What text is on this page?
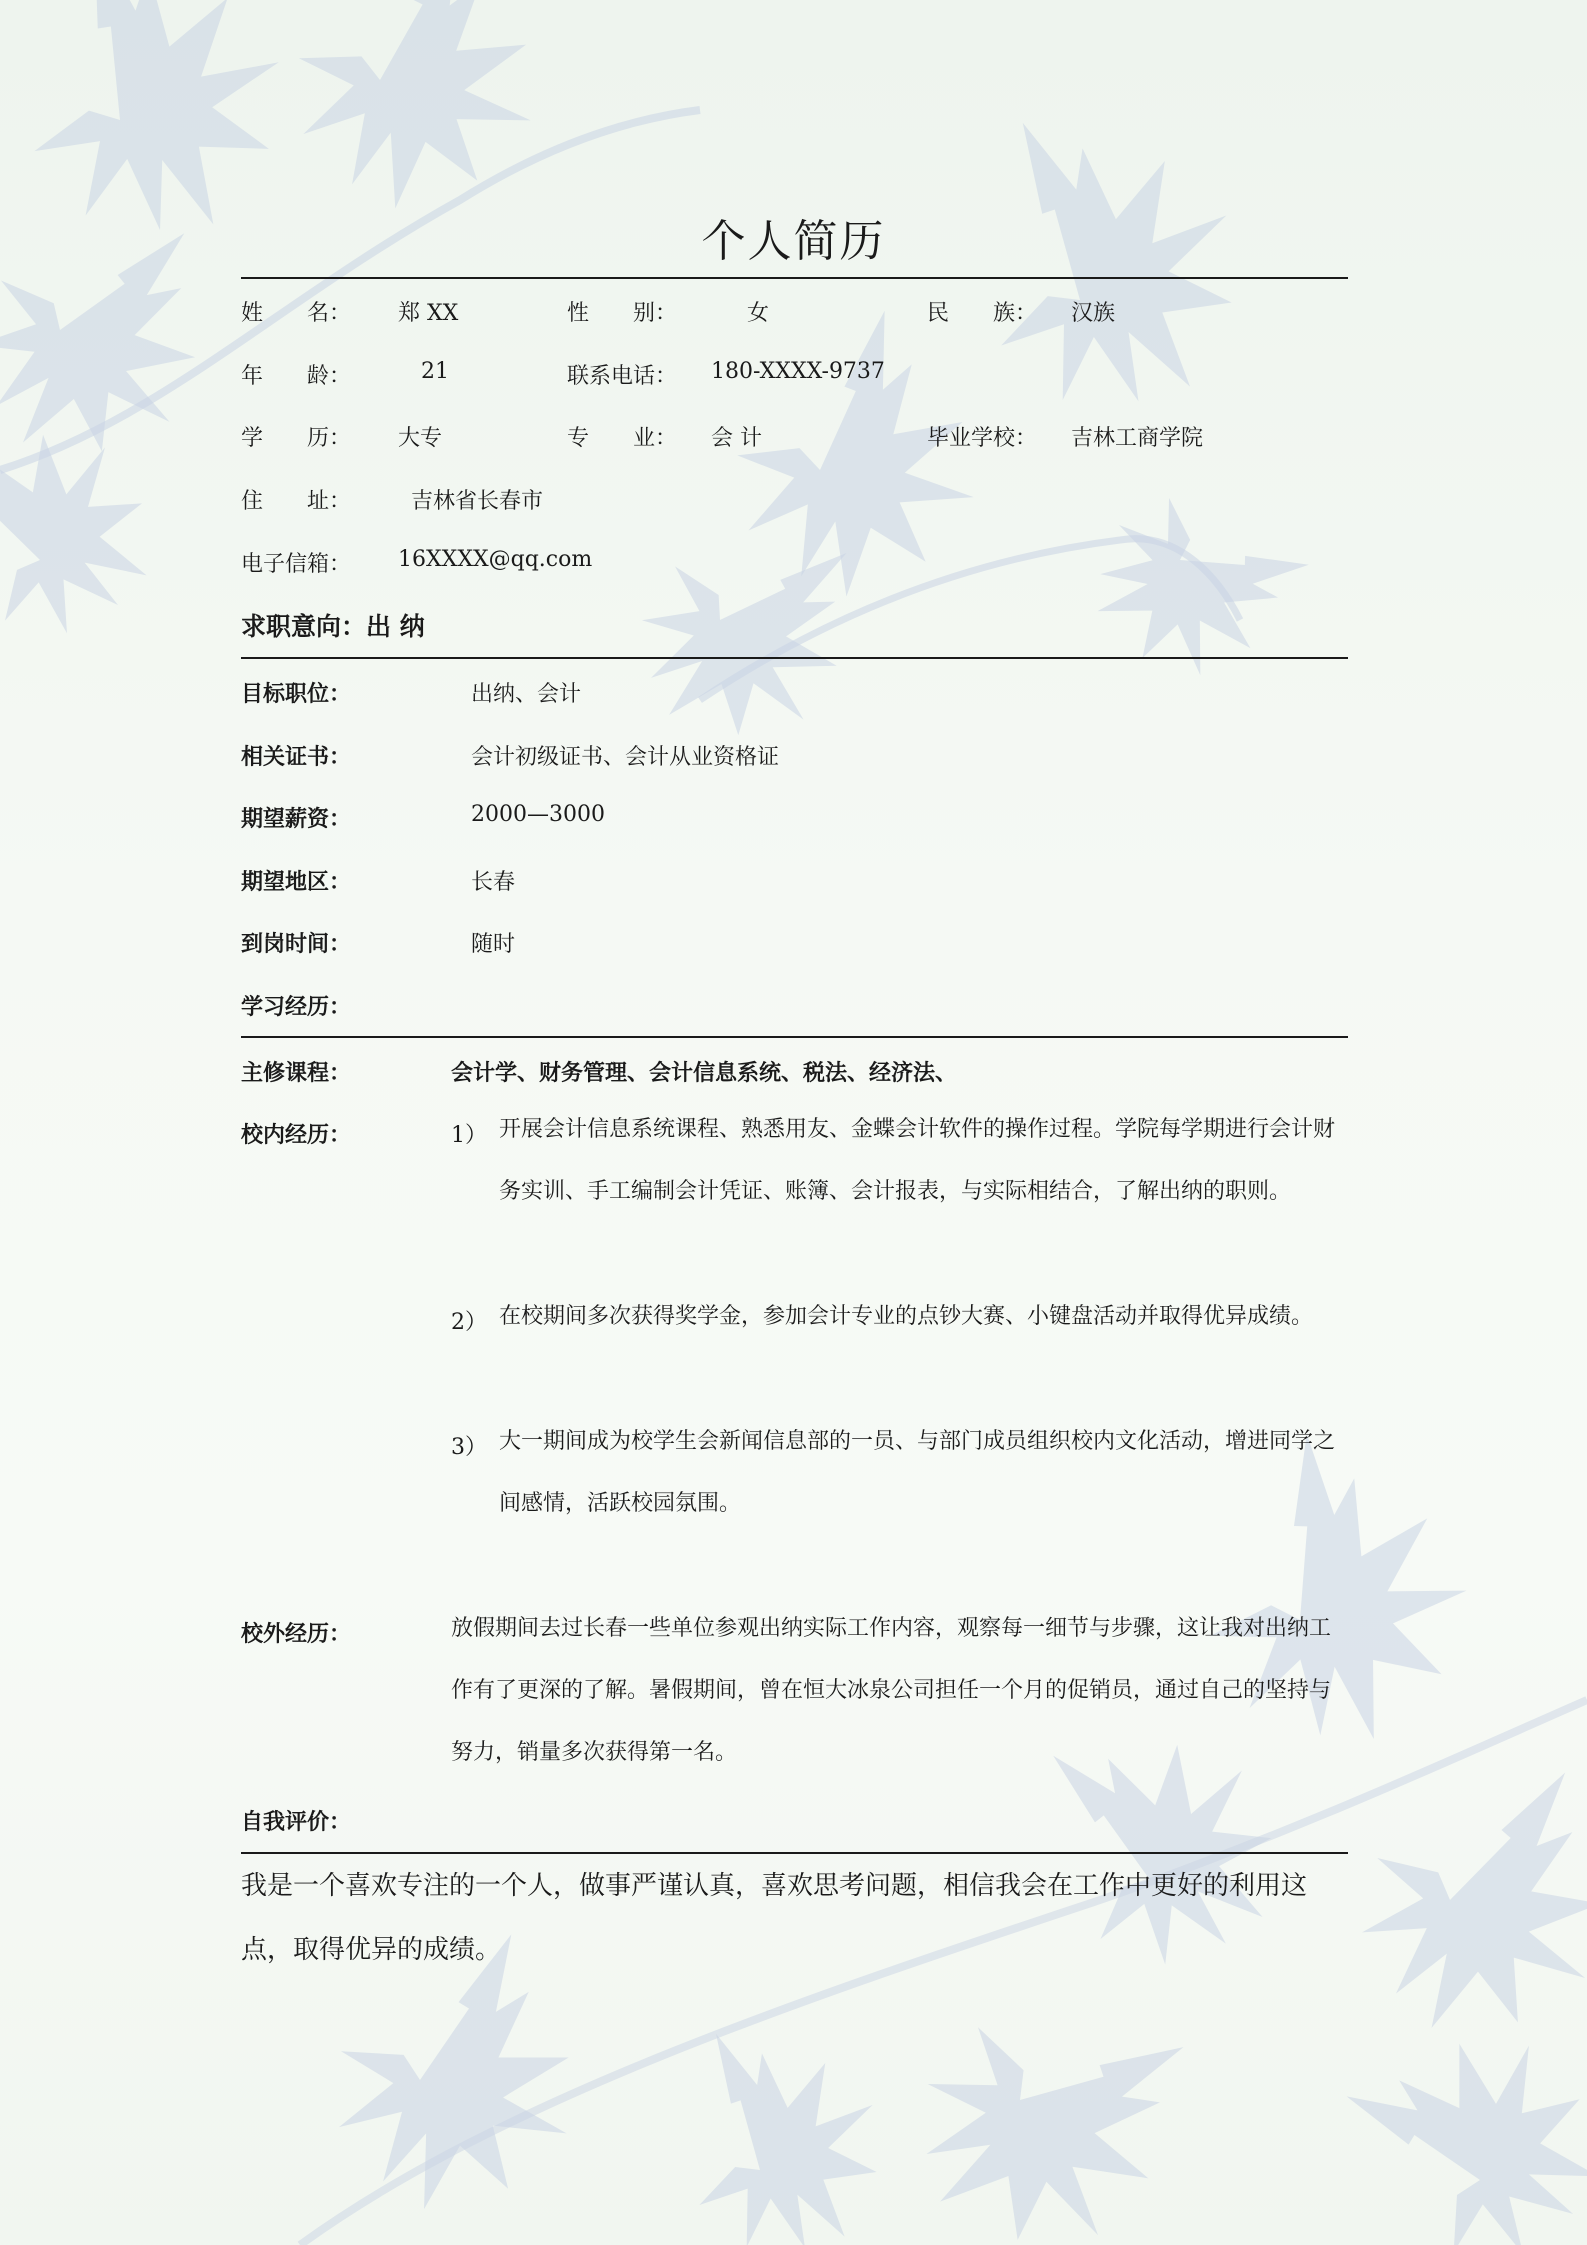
个人简历
姓　　名： 郑 XX	性　　别：	女	民　　族： 汉族
年　　龄：	21	联系电话： 180-XXXX-9737
学　　历： 大专	专　　业： 会 计	毕业学校： 吉林工商学院
住　　址：	吉林省长春市
电子信箱： 16XXXX@qq.com
求职意向：出 纳
目标职位：	出纳、会计
相关证书：	会计初级证书、会计从业资格证
期望薪资：	2000—3000
期望地区：	长春
到岗时间：	随时
学习经历：
主修课程：	会计学、财务管理、会计信息系统、税法、经济法、
校内经历：	1） 开展会计信息系统课程、熟悉用友、金蝶会计软件的操作过程。学院每学期进行会计财务实训、手工编制会计凭证、账簿、会计报表，与实际相结合，了解出纳的职则。
2） 在校期间多次获得奖学金，参加会计专业的点钞大赛、小键盘活动并取得优异成绩。
3） 大一期间成为校学生会新闻信息部的一员、与部门成员组织校内文化活动，增进同学之间感情，活跃校园氛围。
校外经历：	放假期间去过长春一些单位参观出纳实际工作内容，观察每一细节与步骤，这让我对出纳工作有了更深的了解。暑假期间，曾在恒大冰泉公司担任一个月的促销员，通过自己的坚持与努力，销量多次获得第一名。
自我评价：
我是一个喜欢专注的一个人，做事严谨认真，喜欢思考问题，相信我会在工作中更好的利用这点，取得优异的成绩。
